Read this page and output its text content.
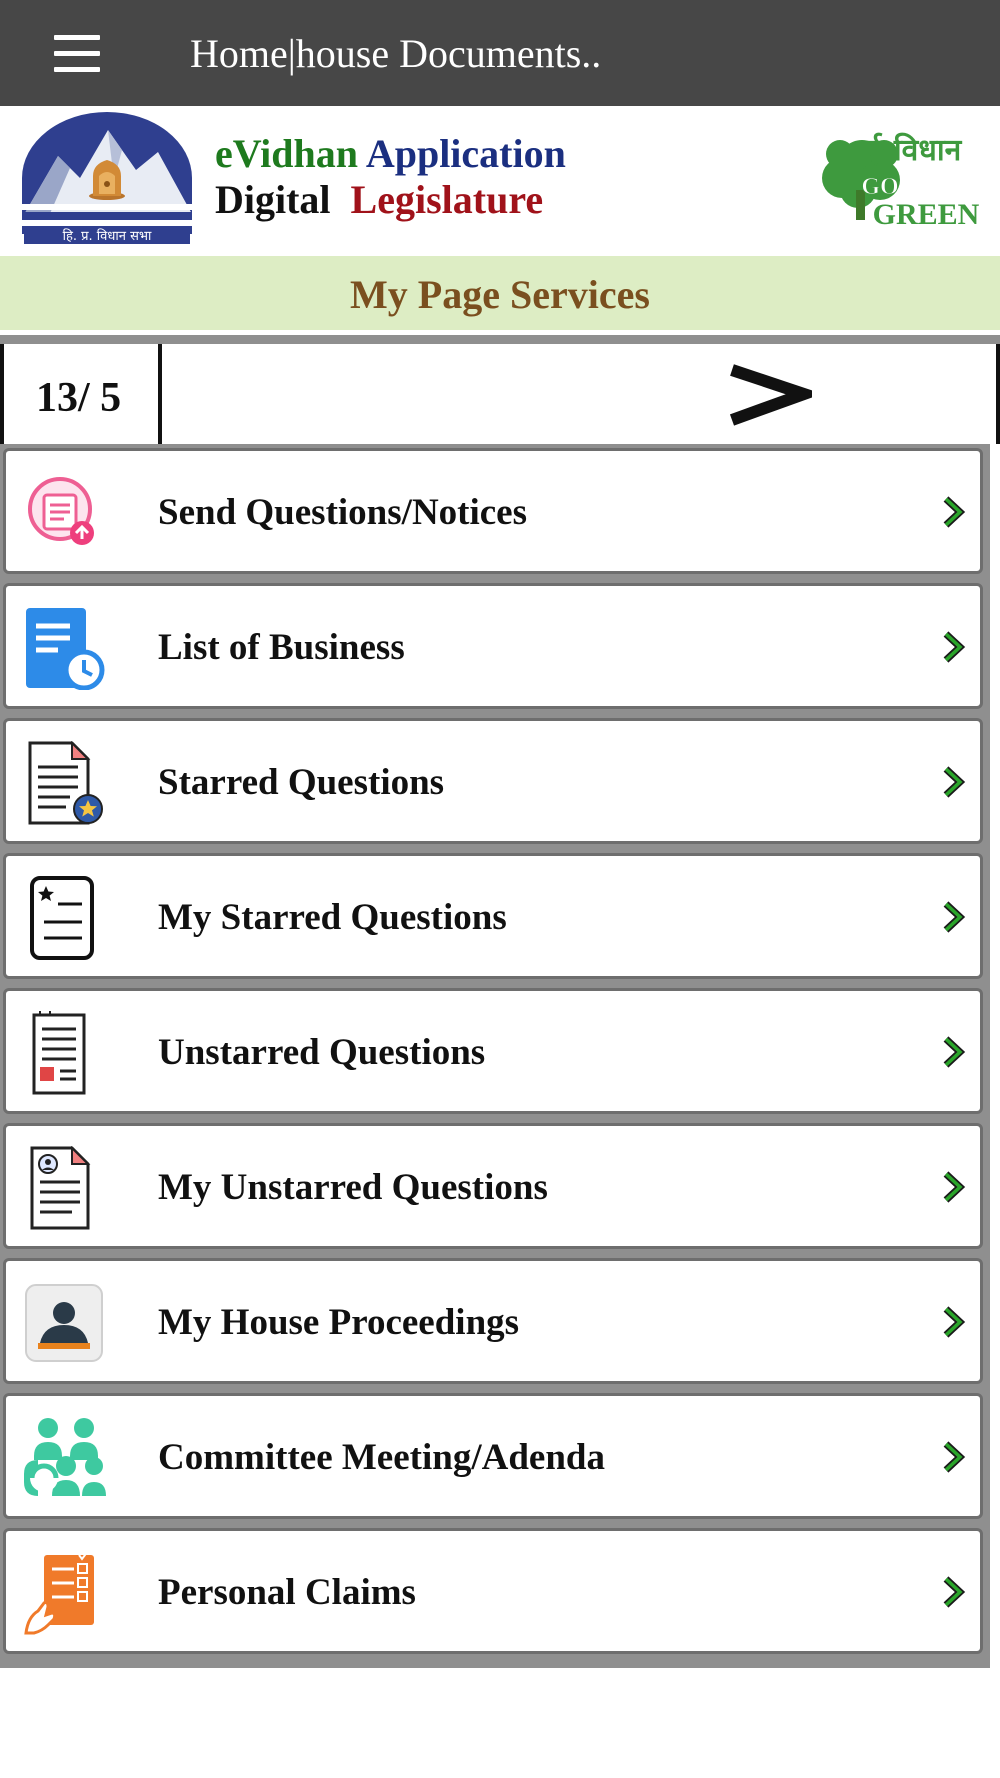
Home|house Documents..
हि. प्र. विधान सभा
eVidhan Application
Digital Legislature
ई-विधान
GO
GREEN
My Page Services
13/ 5
Send Questions/Notices
List of Business
Starred Questions
My Starred Questions
Unstarred Questions
My Unstarred Questions
My House Proceedings
Committee Meeting/Adenda
Personal Claims
